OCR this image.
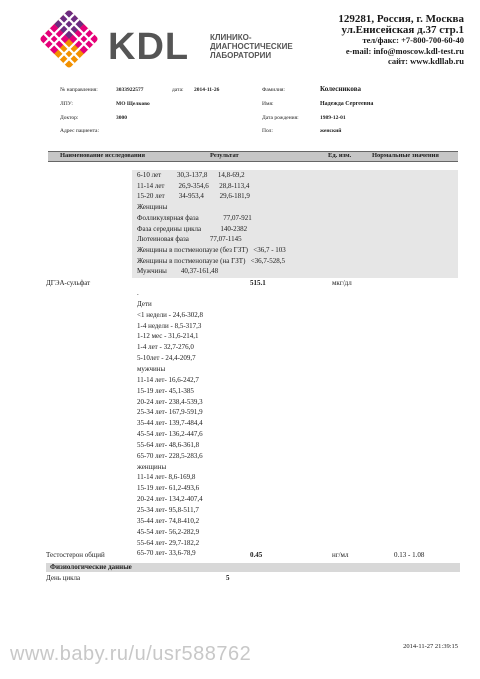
KDL	КЛИНИКО-
ДИАГНОСТИЧЕСКИЕ
ЛАБОРАТОРИИ
129281, Россия, г. Москва
ул.Енисейская д.37 стр.1
тел/факс: +7-800-700-60-40
e-mail: info@moscow.kdl-test.ru
сайт: www.kdllab.ru
№ направления:	3033922577	дата: 2014-11-26	Фамилия:	Колесникова
ЛПУ:	МО Щелково	Имя:	Надежда Сергеевна
Доктор:	3000	Дата рождения:	1989-12-01
Адрес пациента:	Пол:	женский
Наименование исследования	Результат	Ед. изм.	Нормальные значения
6-10 лет         30,3-137,8      14,8-69,2
11-14 лет        26,9-354,6      28,8-113,4
15-20 лет        34-953,4         29,6-181,9
Женщины
Фолликулярная фаза              77,07-921
Фаза середины цикла           140-2382
Лютеиновая фаза            77,07-1145
Женщины в постменопаузе (без ГЗТ)   <36,7 - 103
Женщины в постменопаузе (на ГЗТ)   <36,7-528,5
Мужчины        40,37-161,48
ДГЭА-сульфат	515.1	мкг/дл
.
Дети
<1 недели - 24,6-302,8
1-4 недели - 8,5-317,3
1-12 мес - 31,6-214,1
1-4 лет - 32,7-276,0
5-10лет - 24,4-209,7
мужчины
11-14 лет- 16,6-242,7
15-19 лет- 45,1-385
20-24 лет- 238,4-539,3
25-34 лет- 167,9-591,9
35-44 лет- 139,7-484,4
45-54 лет- 136,2-447,6
55-64 лет- 48,6-361,8
65-70 лет- 228,5-283,6
женщины
11-14 лет- 8,6-169,8
15-19 лет- 61,2-493,6
20-24 лет- 134,2-407,4
25-34 лет- 95,8-511,7
35-44 лет- 74,8-410,2
45-54 лет- 56,2-282,9
55-64 лет- 29,7-182,2
65-70 лет- 33,6-78,9
Тестостерон общий	0.45	нг/мл	0.13 - 1.08
Физиологические данные
День цикла	5
www.baby.ru/u/usr588762	2014-11-27 21:39:15
